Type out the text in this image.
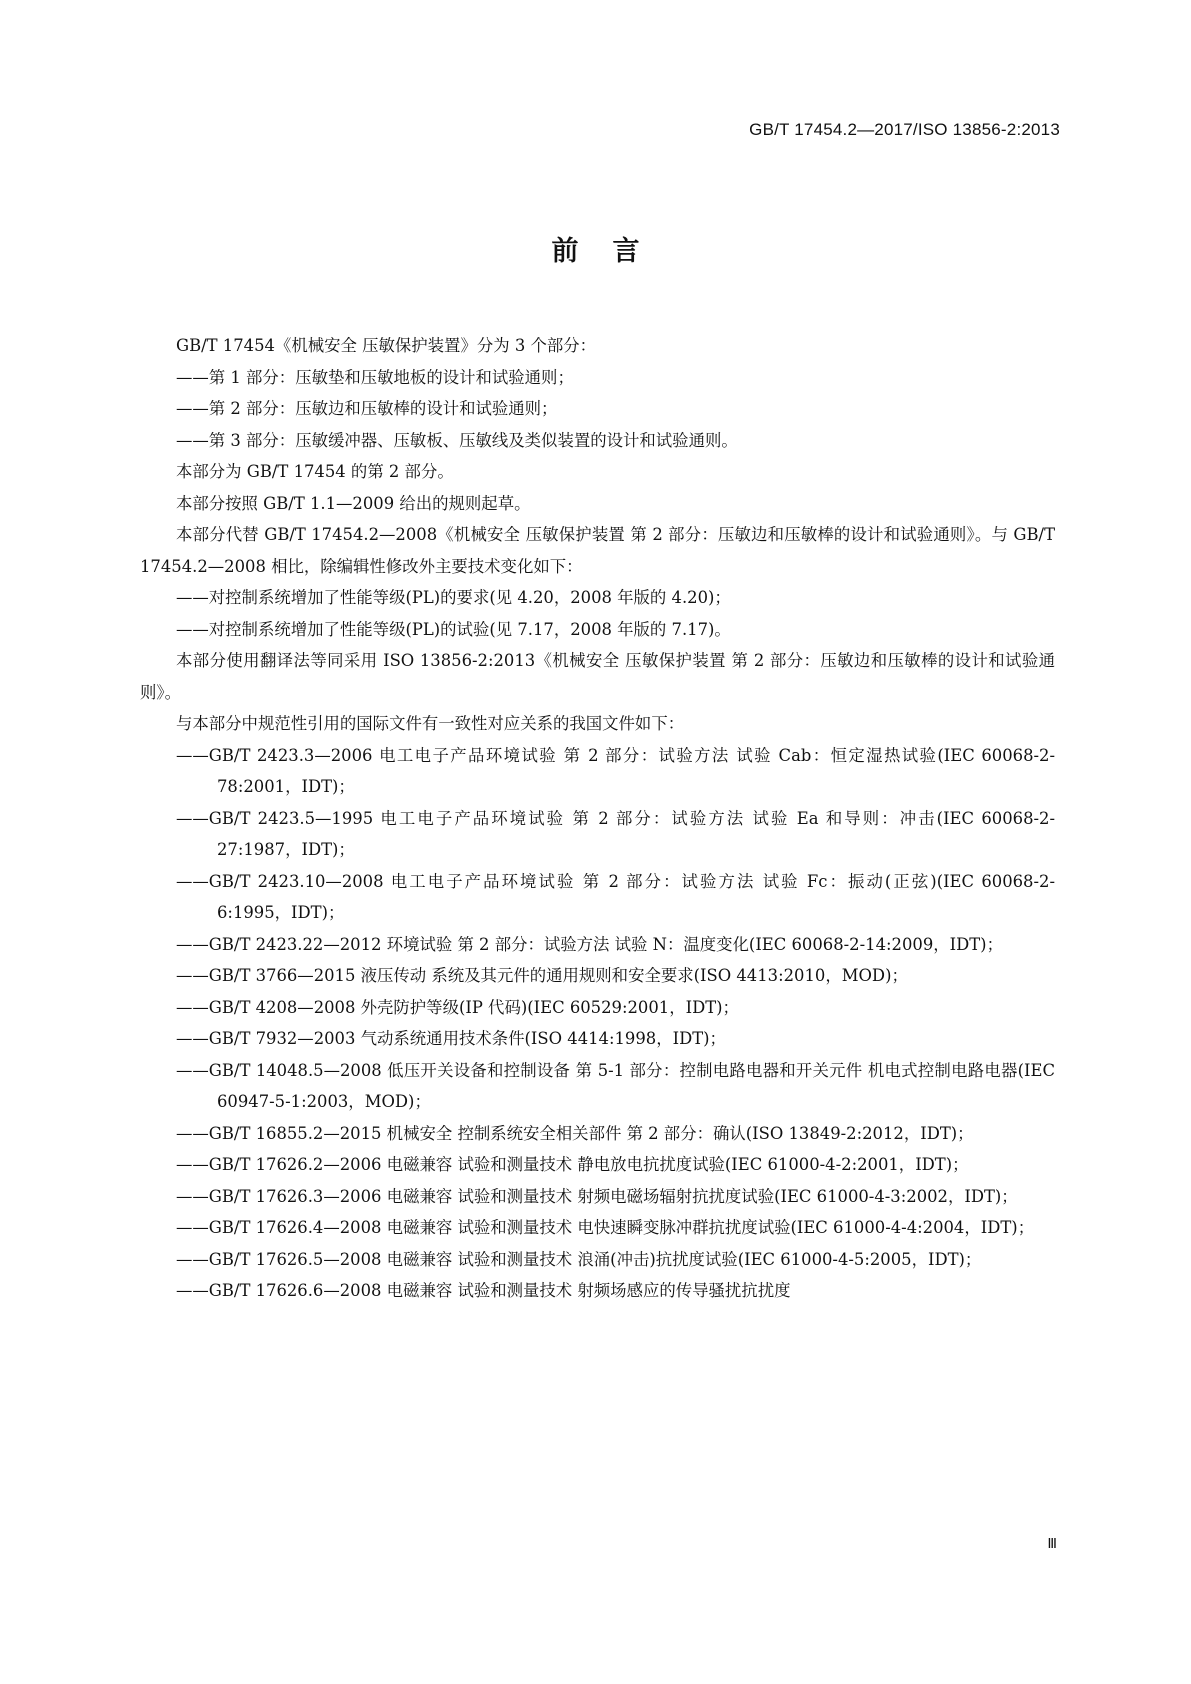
GB/T 17454.2—2017/ISO 13856-2:2013
前言

GB/T 17454《机械安全 压敏保护装置》分为 3 个部分：

——第 1 部分：压敏垫和压敏地板的设计和试验通则；

——第 2 部分：压敏边和压敏棒的设计和试验通则；

——第 3 部分：压敏缓冲器、压敏板、压敏线及类似装置的设计和试验通则。

本部分为 GB/T 17454 的第 2 部分。

本部分按照 GB/T 1.1—2009 给出的规则起草。

本部分代替 GB/T 17454.2—2008《机械安全 压敏保护装置 第 2 部分：压敏边和压敏棒的设计和试验通则》。与 GB/T 17454.2—2008 相比，除编辑性修改外主要技术变化如下：

——对控制系统增加了性能等级(PL)的要求(见 4.20，2008 年版的 4.20)；

——对控制系统增加了性能等级(PL)的试验(见 7.17，2008 年版的 7.17)。

本部分使用翻译法等同采用 ISO 13856-2:2013《机械安全 压敏保护装置 第 2 部分：压敏边和压敏棒的设计和试验通则》。

与本部分中规范性引用的国际文件有一致性对应关系的我国文件如下：

——GB/T 2423.3—2006 电工电子产品环境试验 第 2 部分：试验方法 试验 Cab：恒定湿热试验(IEC 60068-2-78:2001，IDT)；

——GB/T 2423.5—1995 电工电子产品环境试验 第 2 部分：试验方法 试验 Ea 和导则：冲击(IEC 60068-2-27:1987，IDT)；

——GB/T 2423.10—2008 电工电子产品环境试验 第 2 部分：试验方法 试验 Fc：振动(正弦)(IEC 60068-2-6:1995，IDT)；

——GB/T 2423.22—2012 环境试验 第 2 部分：试验方法 试验 N：温度变化(IEC 60068-2-14:2009，IDT)；

——GB/T 3766—2015 液压传动 系统及其元件的通用规则和安全要求(ISO 4413:2010，MOD)；

——GB/T 4208—2008 外壳防护等级(IP 代码)(IEC 60529:2001，IDT)；

——GB/T 7932—2003 气动系统通用技术条件(ISO 4414:1998，IDT)；

——GB/T 14048.5—2008 低压开关设备和控制设备 第 5-1 部分：控制电路电器和开关元件 机电式控制电路电器(IEC 60947-5-1:2003，MOD)；

——GB/T 16855.2—2015 机械安全 控制系统安全相关部件 第 2 部分：确认(ISO 13849-2:2012，IDT)；

——GB/T 17626.2—2006 电磁兼容 试验和测量技术 静电放电抗扰度试验(IEC 61000-4-2:2001，IDT)；

——GB/T 17626.3—2006 电磁兼容 试验和测量技术 射频电磁场辐射抗扰度试验(IEC 61000-4-3:2002，IDT)；

——GB/T 17626.4—2008 电磁兼容 试验和测量技术 电快速瞬变脉冲群抗扰度试验(IEC 61000-4-4:2004，IDT)；

——GB/T 17626.5—2008 电磁兼容 试验和测量技术 浪涌(冲击)抗扰度试验(IEC 61000-4-5:2005，IDT)；

——GB/T 17626.6—2008 电磁兼容 试验和测量技术 射频场感应的传导骚扰抗扰度

Ⅲ
